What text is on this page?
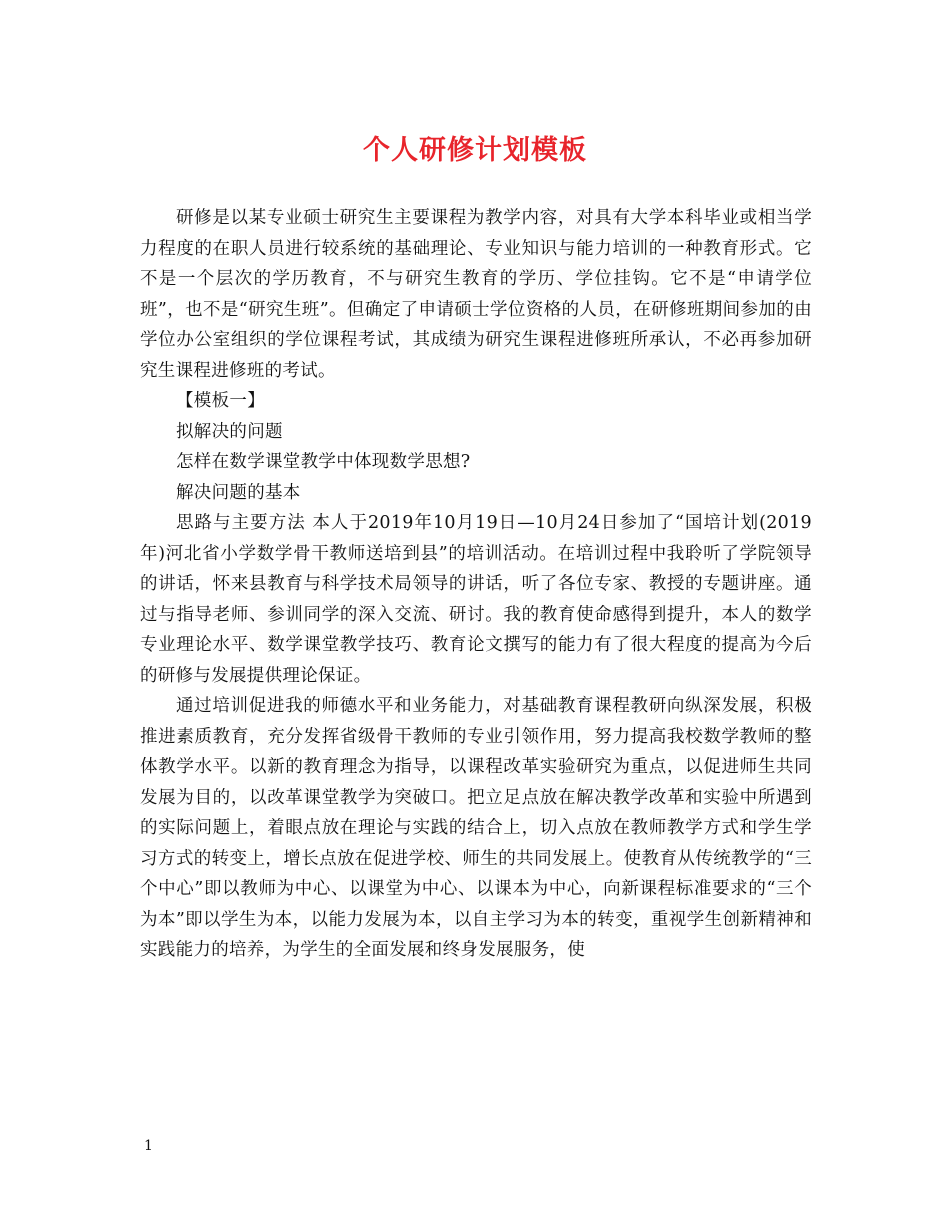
个人研修计划模板

研修是以某专业硕士研究生主要课程为教学内容，对具有大学本科毕业或相当学力程度的在职人员进行较系统的基础理论、专业知识与能力培训的一种教育形式。它不是一个层次的学历教育，不与研究生教育的学历、学位挂钩。它不是“申请学位班”，也不是“研究生班”。但确定了申请硕士学位资格的人员，在研修班期间参加的由学位办公室组织的学位课程考试，其成绩为研究生课程进修班所承认，不必再参加研究生课程进修班的考试。

【模板一】

拟解决的问题

怎样在数学课堂教学中体现数学思想?

解决问题的基本

思路与主要方法 本人于2019年10月19日—10月24日参加了“国培计划(2019年)河北省小学数学骨干教师送培到县”的培训活动。在培训过程中我聆听了学院领导的讲话，怀来县教育与科学技术局领导的讲话，听了各位专家、教授的专题讲座。通过与指导老师、参训同学的深入交流、研讨。我的教育使命感得到提升，本人的数学专业理论水平、数学课堂教学技巧、教育论文撰写的能力有了很大程度的提高为今后的研修与发展提供理论保证。

通过培训促进我的师德水平和业务能力，对基础教育课程教研向纵深发展，积极推进素质教育，充分发挥省级骨干教师的专业引领作用，努力提高我校数学教师的整体教学水平。以新的教育理念为指导，以课程改革实验研究为重点，以促进师生共同发展为目的，以改革课堂教学为突破口。把立足点放在解决教学改革和实验中所遇到的实际问题上，着眼点放在理论与实践的结合上，切入点放在教师教学方式和学生学习方式的转变上，增长点放在促进学校、师生的共同发展上。使教育从传统教学的“三个中心”即以教师为中心、以课堂为中心、以课本为中心，向新课程标准要求的“三个为本”即以学生为本，以能力发展为本，以自主学习为本的转变，重视学生创新精神和实践能力的培养，为学生的全面发展和终身发展服务，使

1
